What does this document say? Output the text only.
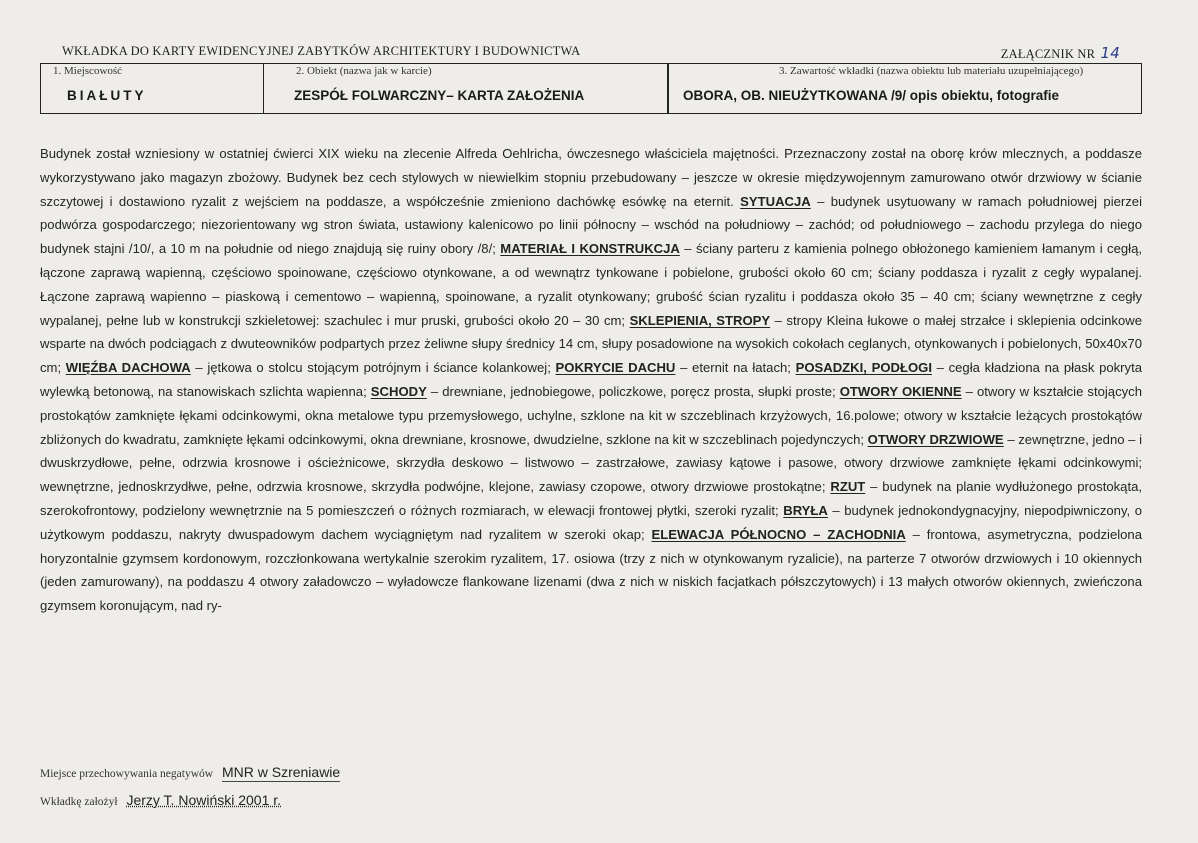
WKŁADKA DO KARTY EWIDENCYJNEJ ZABYTKÓW ARCHITEKTURY I BUDOWNICTWA	ZAŁĄCZNIK NR 14
1. Miejscowość
BIAŁUTY
2. Obiekt (nazwa jak w karcie)
ZESPÓŁ FOLWARCZNY– KARTA ZAŁOŻENIA
3. Zawartość wkładki (nazwa obiektu lub materiału uzupełniającego)
OBORA, OB. NIEUŻYTKOWANA /9/ opis obiektu, fotografie
Budynek został wzniesiony w ostatniej ćwierci XIX wieku na zlecenie Alfreda Oehlricha, ówczesnego właściciela majętności. Przeznaczony został na oborę krów mlecznych, a poddasze wykorzystywano jako magazyn zbożowy. Budynek bez cech stylowych w niewielkim stopniu przebudowany – jeszcze w okresie międzywojennym zamurowano otwór drzwiowy w ścianie szczytowej i dostawiono ryzalit z wejściem na poddasze, a współcześnie zmieniono dachówkę esówkę na eternit. SYTUACJA – budynek usytuowany w ramach południowej pierzei podwórza gospodarczego; niezorientowany wg stron świata, ustawiony kalenicowo po linii północny – wschód na południowy – zachód; od południowego – zachodu przylega do niego budynek stajni /10/, a 10 m na południe od niego znajdują się ruiny obory /8/; MATERIAŁ I KONSTRUKCJA – ściany parteru z kamienia polnego obłożonego kamieniem łamanym i cegłą, łączone zaprawą wapienną, częściowo spoinowane, częściowo otynkowane, a od wewnątrz tynkowane i pobielone, grubości około 60 cm; ściany poddasza i ryzalit z cegły wypalanej. Łączone zaprawą wapienno – piaskową i cementowo – wapienną, spoinowane, a ryzalit otynkowany; grubość ścian ryzalitu i poddasza około 35 – 40 cm; ściany wewnętrzne z cegły wypalanej, pełne lub w konstrukcji szkieletowej: szachulec i mur pruski, grubości około 20 – 30 cm; SKLEPIENIA, STROPY – stropy Kleina łukowe o małej strzałce i sklepienia odcinkowe wsparte na dwóch podciągach z dwuteowników podpartych przez żeliwne słupy średnicy 14 cm, słupy posadowione na wysokich cokołach ceglanych, otynkowanych i pobielonych, 50x40x70 cm; WIĘŹBA DACHOWA – jętkowa o stolcu stojącym potrójnym i ściance kolankowej; POKRYCIE DACHU – eternit na łatach; POSADZKI, PODŁOGI – cegła kładziona na płask pokryta wylewką betonową, na stanowiskach szlichta wapienna; SCHODY – drewniane, jednobiegowe, policzkowe, poręcz prosta, słupki proste; OTWORY OKIENNE – otwory w kształcie stojących prostokątów zamknięte łękami odcinkowymi, okna metalowe typu przemysłowego, uchylne, szklone na kit w szczeblinach krzyżowych, 16.polowe; otwory w kształcie leżących prostokątów zbliżonych do kwadratu, zamknięte łękami odcinkowymi, okna drewniane, krosnowe, dwudzielne, szklone na kit w szczeblinach pojedynczych; OTWORY DRZWIOWE – zewnętrzne, jedno – i dwuskrzydłowe, pełne, odrzwia krosnowe i ościeżnicowe, skrzydła deskowo – listwowo – zastrzałowe, zawiasy kątowe i pasowe, otwory drzwiowe zamknięte łękami odcinkowymi; wewnętrzne, jednoskrzydłwe, pełne, odrzwia krosnowe, skrzydła podwójne, klejone, zawiasy czopowe, otwory drzwiowe prostokątne; RZUT – budynek na planie wydłużonego prostokąta, szerokofrontowy, podzielony wewnętrznie na 5 pomieszczeń o różnych rozmiarach, w elewacji frontowej płytki, szeroki ryzalit; BRYŁA – budynek jednokondygnacyjny, niepodpiwniczony, o użytkowym poddaszu, nakryty dwuspadowym dachem wyciągniętym nad ryzalitem w szeroki okap; ELEWACJA PÓŁNOCNO – ZACHODNIA – frontowa, asymetryczna, podzielona horyzontalnie gzymsem kordonowym, rozczłonkowana wertykalnie szerokim ryzalitem, 17. osiowa (trzy z nich w otynkowanym ryzalicie), na parterze 7 otworów drzwiowych i 10 okiennych (jeden zamurowany), na poddaszu 4 otwory załadowczo – wyładowcze flankowane lizenami (dwa z nich w niskich facjatkach półszczytowych) i 13 małych otworów okiennych, zwieńczona gzymsem koronującym, nad ry-
Miejsce przechowywania negatywów MNR w Szreniawie
Wkładkę założył Jerzy T. Nowiński 2001 r.
